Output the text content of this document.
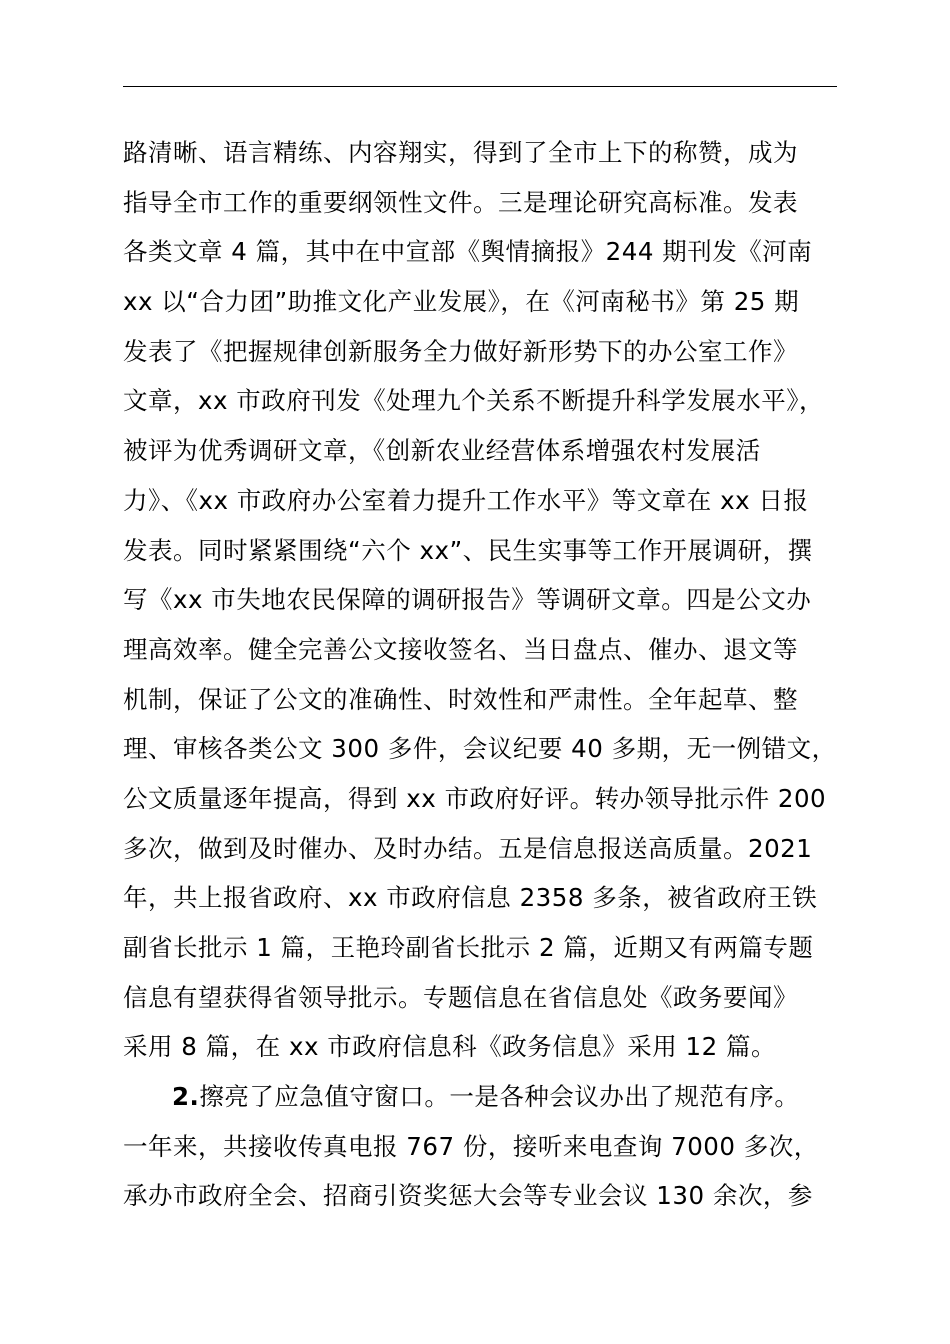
路清晰、语言精练、内容翔实，得到了全市上下的称赞，成为
指导全市工作的重要纲领性文件。三是理论研究高标准。发表
各类文章 4 篇，其中在中宣部《舆情摘报》244 期刊发《河南
xx 以“合力团”助推文化产业发展》，在《河南秘书》第 25 期
发表了《把握规律创新服务全力做好新形势下的办公室工作》
文章，xx 市政府刊发《处理九个关系不断提升科学发展水平》，
被评为优秀调研文章，《创新农业经营体系增强农村发展活
力》、《xx 市政府办公室着力提升工作水平》等文章在 xx 日报
发表。同时紧紧围绕“六个 xx”、民生实事等工作开展调研，撰
写《xx 市失地农民保障的调研报告》等调研文章。四是公文办
理高效率。健全完善公文接收签名、当日盘点、催办、退文等
机制，保证了公文的准确性、时效性和严肃性。全年起草、整
理、审核各类公文 300 多件，会议纪要 40 多期，无一例错文，
公文质量逐年提高，得到 xx 市政府好评。转办领导批示件 200
多次，做到及时催办、及时办结。五是信息报送高质量。2021
年，共上报省政府、xx 市政府信息 2358 多条，被省政府王铁
副省长批示 1 篇，王艳玲副省长批示 2 篇，近期又有两篇专题
信息有望获得省领导批示。专题信息在省信息处《政务要闻》
采用 8 篇，在 xx 市政府信息科《政务信息》采用 12 篇。
2.擦亮了应急值守窗口。一是各种会议办出了规范有序。
一年来，共接收传真电报 767 份，接听来电查询 7000 多次，
承办市政府全会、招商引资奖惩大会等专业会议 130 余次，参
